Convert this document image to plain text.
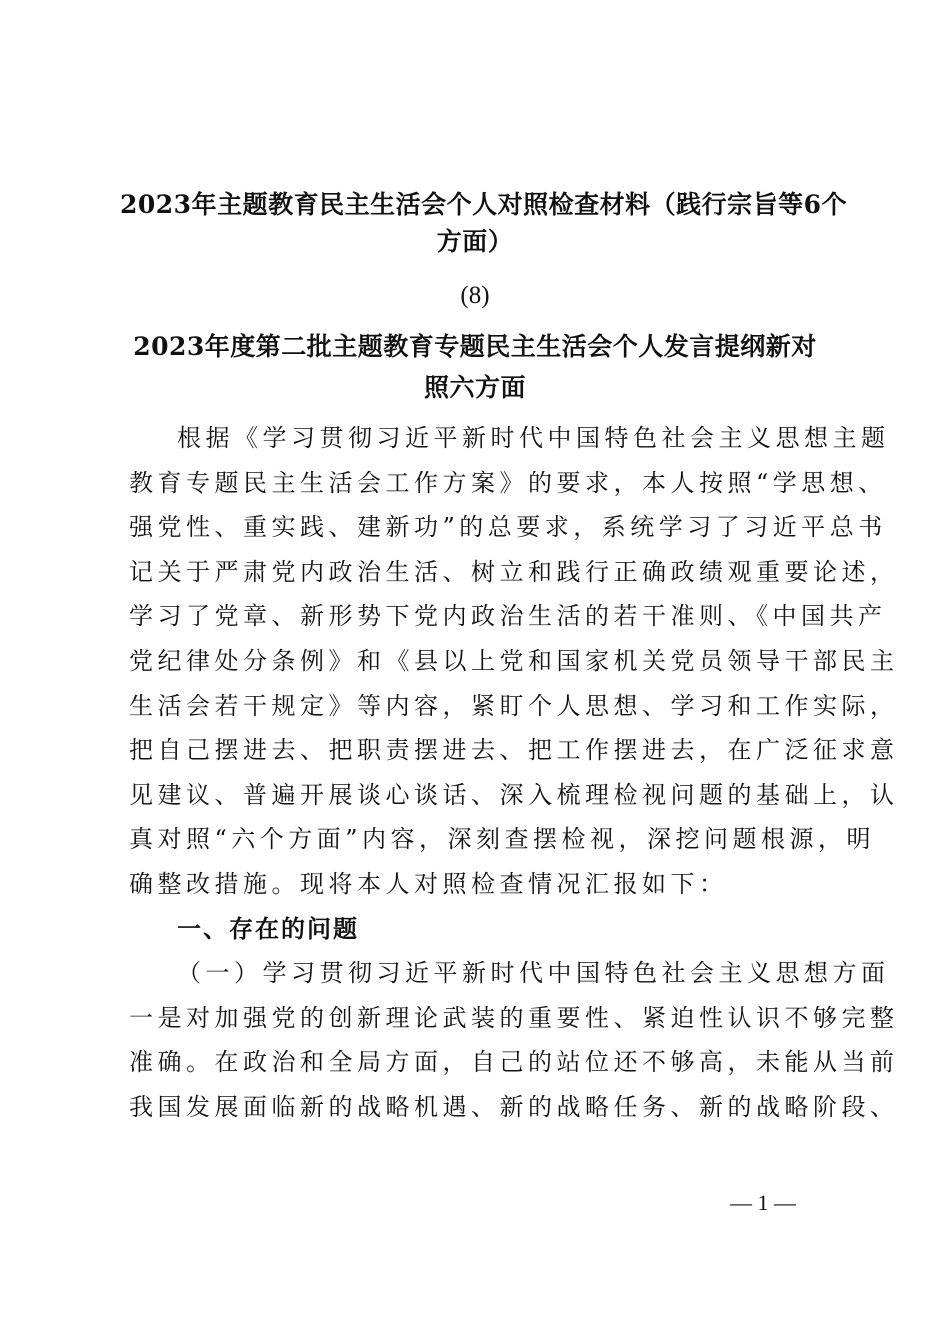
2023年主题教育民主生活会个人对照检查材料（践行宗旨等6个
方面）
(8)
2023年度第二批主题教育专题民主生活会个人发言提纲新对
照六方面
根据《学习贯彻习近平新时代中国特色社会主义思想主题
教育专题民主生活会工作方案》的要求，本人按照“学思想、
强党性、重实践、建新功”的总要求，系统学习了习近平总书
记关于严肃党内政治生活、树立和践行正确政绩观重要论述，
学习了党章、新形势下党内政治生活的若干准则、《中国共产
党纪律处分条例》和《县以上党和国家机关党员领导干部民主
生活会若干规定》等内容，紧盯个人思想、学习和工作实际，
把自己摆进去、把职责摆进去、把工作摆进去，在广泛征求意
见建议、普遍开展谈心谈话、深入梳理检视问题的基础上，认
真对照“六个方面”内容，深刻查摆检视，深挖问题根源，明
确整改措施。现将本人对照检查情况汇报如下：
一、存在的问题
（一）学习贯彻习近平新时代中国特色社会主义思想方面
一是对加强党的创新理论武装的重要性、紧迫性认识不够完整
准确。在政治和全局方面，自己的站位还不够高，未能从当前
我国发展面临新的战略机遇、新的战略任务、新的战略阶段、
— 1 —
